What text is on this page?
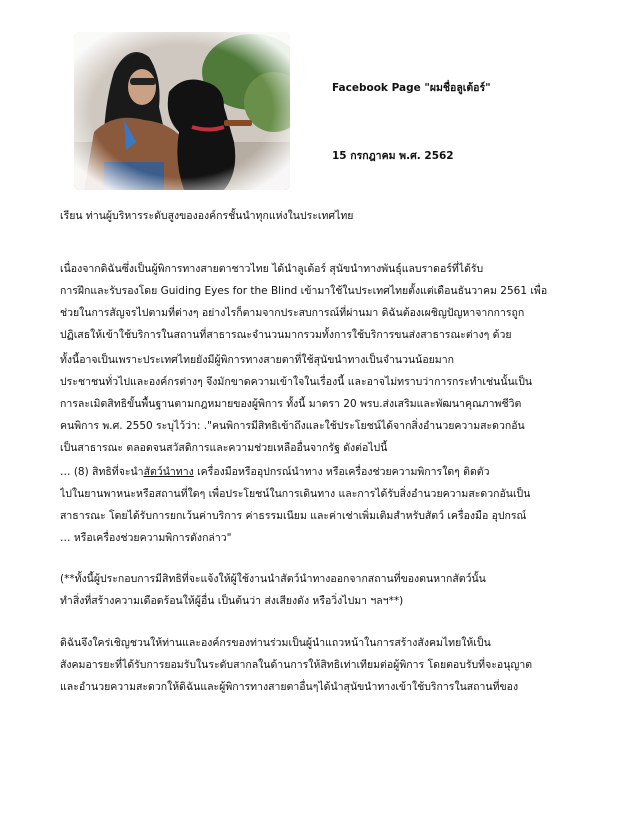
Facebook Page "ผมชื่อลูเต้อร์"
15 กรกฎาคม พ.ศ. 2562
เรียน ท่านผู้บริหารระดับสูงขององค์กรชั้นนำทุกแห่งในประเทศไทย
เนื่องจากดิฉันซึ่งเป็นผู้พิการทางสายตาชาวไทย ได้นำลูเต้อร์ สุนัขนำทางพันธุ์แลบราดอร์ที่ได้รับ
การฝึกและรับรองโดย Guiding Eyes for the Blind เข้ามาใช้ในประเทศไทยตั้งแต่เดือนธันวาคม 2561 เพื่อ
ช่วยในการสัญจรไปตามที่ต่างๆ อย่างไรก็ตามจากประสบการณ์ที่ผ่านมา ดิฉันต้องเผชิญปัญหาจากการถูก
ปฏิเสธให้เข้าใช้บริการในสถานที่สาธารณะจำนวนมากรวมทั้งการใช้บริการขนส่งสาธารณะต่างๆ ด้วย
ทั้งนี้อาจเป็นเพราะประเทศไทยยังมีผู้พิการทางสายตาที่ใช้สุนัขนำทางเป็นจำนวนน้อยมาก
ประชาชนทั่วไปและองค์กรต่างๆ จึงมักขาดความเข้าใจในเรื่องนี้ และอาจไม่ทราบว่าการกระทำเช่นนั้นเป็น
การละเมิดสิทธิขั้นพื้นฐานตามกฎหมายของผู้พิการ ทั้งนี้ มาตรา 20 พรบ.ส่งเสริมและพัฒนาคุณภาพชีวิต
คนพิการ พ.ศ. 2550 ระบุไว้ว่า: ."คนพิการมีสิทธิเข้าถึงและใช้ประโยชน์ได้จากสิ่งอำนวยความสะดวกอัน
เป็นสาธารณะ ตลอดจนสวัสดิการและความช่วยเหลืออื่นจากรัฐ ดังต่อไปนี้
… (8) สิทธิที่จะนำสัตว์นำทาง เครื่องมือหรืออุปกรณ์นำทาง หรือเครื่องช่วยความพิการใดๆ ติดตัว
ไปในยานพาหนะหรือสถานที่ใดๆ เพื่อประโยชน์ในการเดินทาง และการได้รับสิ่งอำนวยความสะดวกอันเป็น
สาธารณะ โดยได้รับการยกเว้นค่าบริการ ค่าธรรมเนียม และค่าเช่าเพิ่มเติมสำหรับสัตว์ เครื่องมือ อุปกรณ์
… หรือเครื่องช่วยความพิการดังกล่าว"
(**ทั้งนี้ผู้ประกอบการมีสิทธิที่จะแจ้งให้ผู้ใช้งานนำสัตว์นำทางออกจากสถานที่ของตนหากสัตว์นั้น
ทำสิ่งที่สร้างความเดือดร้อนให้ผู้อื่น เป็นต้นว่า ส่งเสียงดัง หรือวิ่งไปมา ฯลฯ**)
ดิฉันจึงใคร่เชิญชวนให้ท่านและองค์กรของท่านร่วมเป็นผู้นำแถวหน้าในการสร้างสังคมไทยให้เป็น
สังคมอารยะที่ได้รับการยอมรับในระดับสากลในด้านการให้สิทธิเท่าเทียมต่อผู้พิการ โดยตอบรับที่จะอนุญาต
และอำนวยความสะดวกให้ดิฉันและผู้พิการทางสายตาอื่นๆได้นำสุนัขนำทางเข้าใช้บริการในสถานที่ของ
